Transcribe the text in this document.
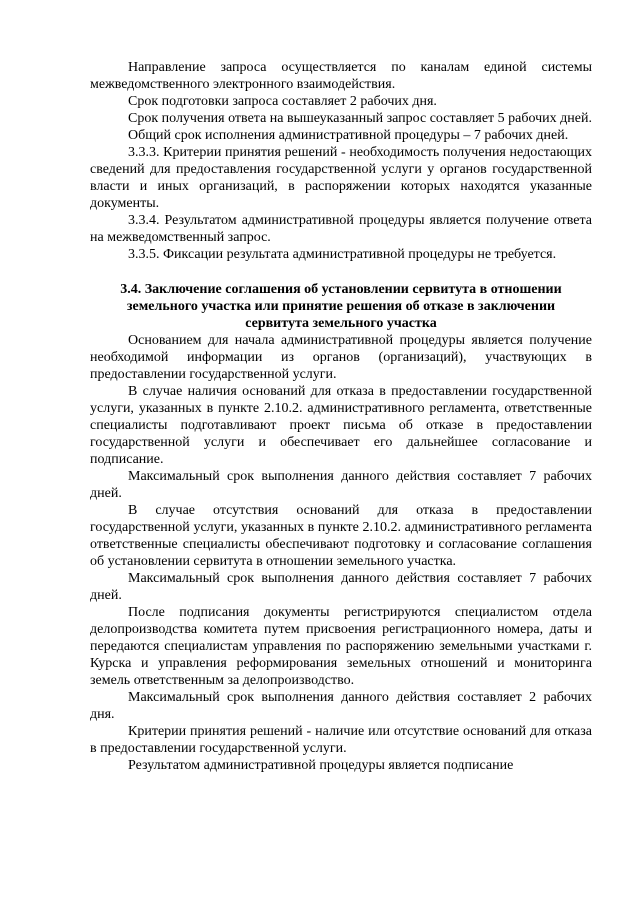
Направление запроса осуществляется по каналам единой системы межведомственного электронного взаимодействия.

Срок подготовки запроса составляет 2 рабочих дня.

Срок получения ответа на вышеуказанный запрос составляет 5 рабочих дней.

Общий срок исполнения административной процедуры – 7 рабочих дней.

3.3.3. Критерии принятия решений - необходимость получения недостающих сведений для предоставления государственной услуги у органов государственной власти и иных организаций, в распоряжении которых находятся указанные документы.

3.3.4. Результатом административной процедуры является получение ответа на межведомственный запрос.

3.3.5. Фиксации результата административной процедуры не требуется.

3.4. Заключение соглашения об установлении сервитута в отношении земельного участка или принятие решения об отказе в заключении сервитута земельного участка

Основанием для начала административной процедуры является получение необходимой информации из органов (организаций), участвующих в предоставлении государственной услуги.

В случае наличия оснований для отказа в предоставлении государственной услуги, указанных в пункте 2.10.2. административного регламента, ответственные специалисты подготавливают проект письма об отказе в предоставлении государственной услуги и обеспечивает его дальнейшее согласование и подписание.

Максимальный срок выполнения данного действия составляет 7 рабочих дней.

В случае отсутствия оснований для отказа в предоставлении государственной услуги, указанных в пункте 2.10.2. административного регламента ответственные специалисты обеспечивают подготовку и согласование соглашения об установлении сервитута в отношении земельного участка.

Максимальный срок выполнения данного действия составляет 7 рабочих дней.

После подписания документы регистрируются специалистом отдела делопроизводства комитета путем присвоения регистрационного номера, даты и передаются специалистам управления по распоряжению земельными участками г. Курска и управления реформирования земельных отношений и мониторинга земель ответственным за делопроизводство.

Максимальный срок выполнения данного действия составляет 2 рабочих дня.

Критерии принятия решений - наличие или отсутствие оснований для отказа в предоставлении государственной услуги.

Результатом административной процедуры является подписание
